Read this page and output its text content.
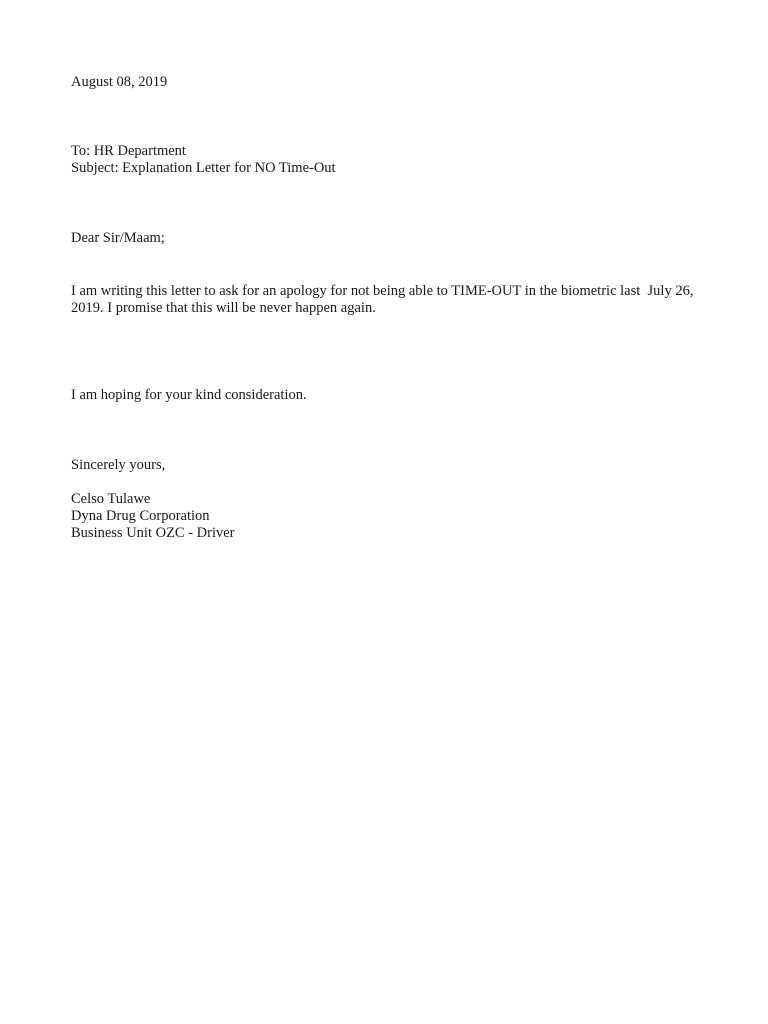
August 08, 2019

To: HR Department

Subject: Explanation Letter for NO Time-Out

Dear Sir/Maam;

I am writing this letter to ask for an apology for not being able to TIME-OUT in the biometric last  July 26, 2019. I promise that this will be never happen again.

I am hoping for your kind consideration.

Sincerely yours,

Celso Tulawe

Dyna Drug Corporation

Business Unit OZC - Driver
